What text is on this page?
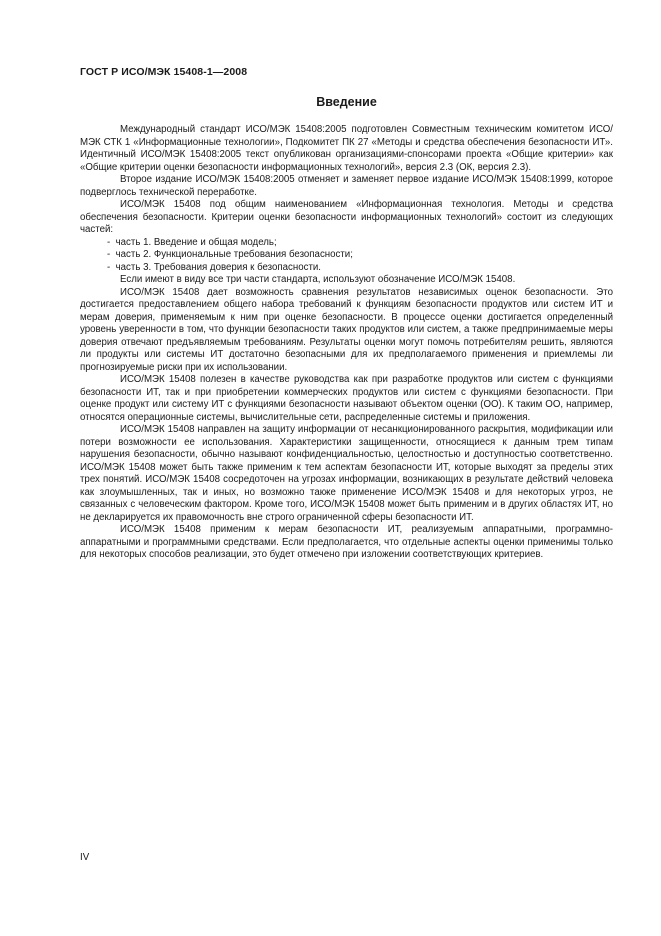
ГОСТ Р ИСО/МЭК 15408-1—2008
Введение

Международный стандарт ИСО/МЭК 15408:2005 подготовлен Совместным техническим комитетом ИСО/МЭК СТК 1 «Информационные технологии», Подкомитет ПК 27 «Методы и средства обеспечения безопасности ИТ». Идентичный ИСО/МЭК 15408:2005 текст опубликован организациями-спонсорами проекта «Общие критерии» как «Общие критерии оценки безопасности информационных технологий», версия 2.3 (ОК, версия 2.3).

Второе издание ИСО/МЭК 15408:2005 отменяет и заменяет первое издание ИСО/МЭК 15408:1999, которое подверглось технической переработке.

ИСО/МЭК 15408 под общим наименованием «Информационная технология. Методы и средства обеспечения безопасности. Критерии оценки безопасности информационных технологий» состоит из следующих частей:

-  часть 1. Введение и общая модель;
-  часть 2. Функциональные требования безопасности;
-  часть 3. Требования доверия к безопасности.

Если имеют в виду все три части стандарта, используют обозначение ИСО/МЭК 15408.

ИСО/МЭК 15408 дает возможность сравнения результатов независимых оценок безопасности. Это достигается предоставлением общего набора требований к функциям безопасности продуктов или систем ИТ и мерам доверия, применяемым к ним при оценке безопасности. В процессе оценки достигается определенный уровень уверенности в том, что функции безопасности таких продуктов или систем, а также предпринимаемые меры доверия отвечают предъявляемым требованиям. Результаты оценки могут помочь потребителям решить, являются ли продукты или системы ИТ достаточно безопасными для их предполагаемого применения и приемлемы ли прогнозируемые риски при их использовании.

ИСО/МЭК 15408 полезен в качестве руководства как при разработке продуктов или систем с функциями безопасности ИТ, так и при приобретении коммерческих продуктов или систем с функциями безопасности. При оценке продукт или систему ИТ с функциями безопасности называют объектом оценки (ОО). К таким ОО, например, относятся операционные системы, вычислительные сети, распределенные системы и приложения.

ИСО/МЭК 15408 направлен на защиту информации от несанкционированного раскрытия, модификации или потери возможности ее использования. Характеристики защищенности, относящиеся к данным трем типам нарушения безопасности, обычно называют конфиденциальностью, целостностью и доступностью соответственно. ИСО/МЭК 15408 может быть также применим к тем аспектам безопасности ИТ, которые выходят за пределы этих трех понятий. ИСО/МЭК 15408 сосредоточен на угрозах информации, возникающих в результате действий человека как злоумышленных, так и иных, но возможно также применение ИСО/МЭК 15408 и для некоторых угроз, не связанных с человеческим фактором. Кроме того, ИСО/МЭК 15408 может быть применим и в других областях ИТ, но не декларируется их правомочность вне строго ограниченной сферы безопасности ИТ.

ИСО/МЭК 15408 применим к мерам безопасности ИТ, реализуемым аппаратными, программно-аппаратными и программными средствами. Если предполагается, что отдельные аспекты оценки применимы только для некоторых способов реализации, это будет отмечено при изложении соответствующих критериев.

IV
